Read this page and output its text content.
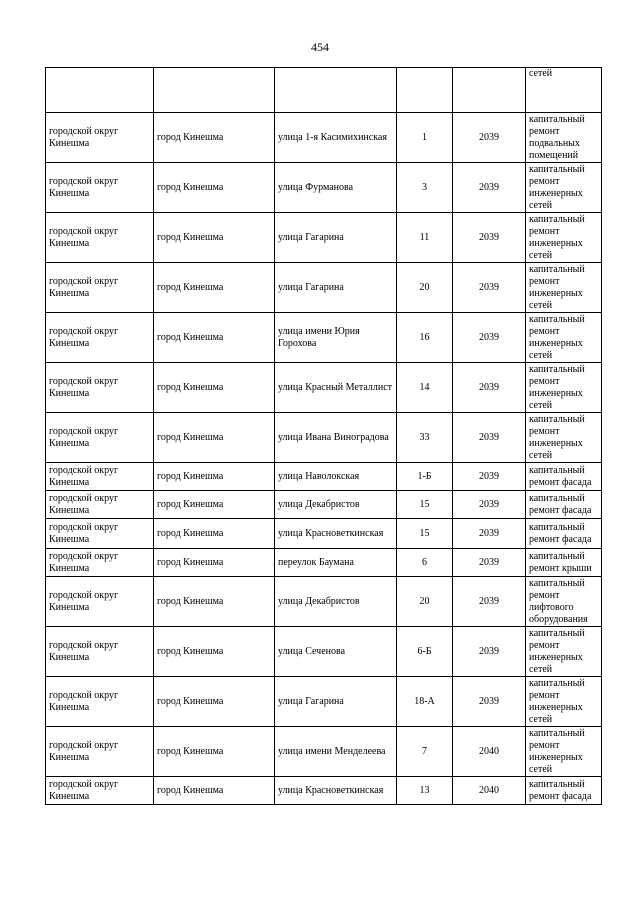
454
					сетей
городской округ Кинешма	город Кинешма	улица 1-я Касимихинская	1	2039	капитальный ремонт подвальных помещений
городской округ Кинешма	город Кинешма	улица Фурманова	3	2039	капитальный ремонт инженерных сетей
городской округ Кинешма	город Кинешма	улица Гагарина	11	2039	капитальный ремонт инженерных сетей
городской округ Кинешма	город Кинешма	улица Гагарина	20	2039	капитальный ремонт инженерных сетей
городской округ Кинешма	город Кинешма	улица имени Юрия Горохова	16	2039	капитальный ремонт инженерных сетей
городской округ Кинешма	город Кинешма	улица Красный Металлист	14	2039	капитальный ремонт инженерных сетей
городской округ Кинешма	город Кинешма	улица Ивана Виноградова	33	2039	капитальный ремонт инженерных сетей
городской округ Кинешма	город Кинешма	улица Наволокская	1-Б	2039	капитальный ремонт фасада
городской округ Кинешма	город Кинешма	улица Декабристов	15	2039	капитальный ремонт фасада
городской округ Кинешма	город Кинешма	улица Красноветкинская	15	2039	капитальный ремонт фасада
городской округ Кинешма	город Кинешма	переулок Баумана	6	2039	капитальный ремонт крыши
городской округ Кинешма	город Кинешма	улица Декабристов	20	2039	капитальный ремонт лифтового оборудования
городской округ Кинешма	город Кинешма	улица Сеченова	6-Б	2039	капитальный ремонт инженерных сетей
городской округ Кинешма	город Кинешма	улица Гагарина	18-А	2039	капитальный ремонт инженерных сетей
городской округ Кинешма	город Кинешма	улица имени Менделеева	7	2040	капитальный ремонт инженерных сетей
городской округ Кинешма	город Кинешма	улица Красноветкинская	13	2040	капитальный ремонт фасада
